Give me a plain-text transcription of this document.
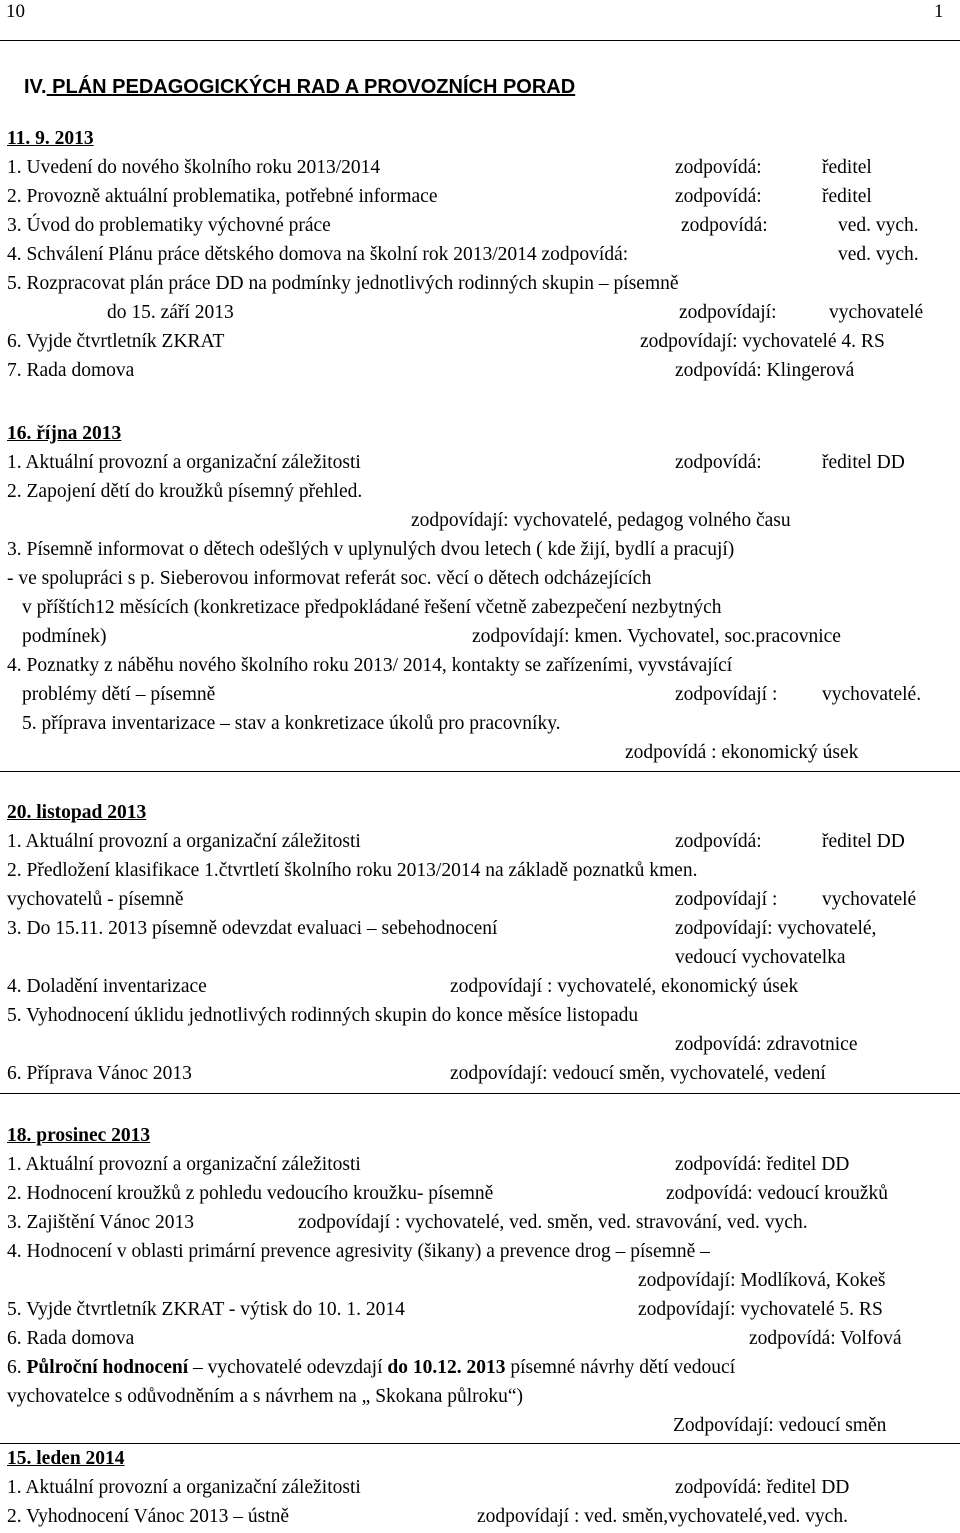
10	1
IV. PLÁN PEDAGOGICKÝCH RAD A PROVOZNÍCH PORAD
11. 9. 2013
1. Uvedení do nového školního roku 2013/2014	zodpovídá:	ředitel
2. Provozně aktuální problematika, potřebné informace	zodpovídá:	ředitel
3. Úvod do problematiky výchovné práce	zodpovídá:	ved. vych.
4. Schválení Plánu práce dětského domova na školní rok 2013/2014 zodpovídá:	ved. vych.
5. Rozpracovat plán práce DD na podmínky jednotlivých rodinných skupin – písemně
do 15. září 2013	zodpovídají:	vychovatelé
6. Vyjde čtvrtletník ZKRAT	zodpovídají: vychovatelé 4. RS
7. Rada domova	zodpovídá: Klingerová
16. října 2013
1. Aktuální provozní a organizační záležitosti	zodpovídá:	ředitel DD
2. Zapojení dětí do kroužků písemný přehled.
zodpovídají: vychovatelé, pedagog volného času
3. Písemně informovat o dětech odešlých v uplynulých dvou letech ( kde žijí, bydlí a pracují)
- ve spolupráci s p. Sieberovou informovat referát soc. věcí o dětech odcházejících
v příštích12 měsících (konkretizace předpokládané řešení včetně zabezpečení nezbytných
podmínek)	zodpovídají: kmen. Vychovatel, soc.pracovnice
4. Poznatky z náběhu nového školního roku 2013/ 2014, kontakty se zařízeními, vyvstávající
problémy dětí – písemně	zodpovídají : vychovatelé.
5. příprava inventarizace – stav a konkretizace úkolů pro pracovníky.
zodpovídá : ekonomický úsek
20. listopad 2013
1. Aktuální provozní a organizační záležitosti	zodpovídá:	ředitel DD
2. Předložení klasifikace 1.čtvrtletí školního roku 2013/2014 na základě poznatků kmen.
vychovatelů - písemně	zodpovídají : vychovatelé
3. Do 15.11. 2013 písemně odevzdat evaluaci – sebehodnocení	zodpovídají: vychovatelé,
vedoucí vychovatelka
4. Doladění inventarizace	zodpovídají : vychovatelé, ekonomický úsek
5. Vyhodnocení úklidu jednotlivých rodinných skupin do konce měsíce listopadu
zodpovídá: zdravotnice
6. Příprava Vánoc 2013	zodpovídají: vedoucí směn, vychovatelé, vedení
18. prosinec 2013
1. Aktuální provozní a organizační záležitosti	zodpovídá: ředitel DD
2. Hodnocení kroužků z pohledu vedoucího kroužku- písemně	zodpovídá: vedoucí kroužků
3. Zajištění Vánoc 2013	zodpovídají : vychovatelé, ved. směn, ved. stravování, ved. vych.
4. Hodnocení v oblasti primární prevence agresivity (šikany) a prevence drog – písemně –
zodpovídají: Modlíková, Kokeš
5. Vyjde čtvrtletník ZKRAT - výtisk do 10. 1. 2014	zodpovídají: vychovatelé 5. RS
6. Rada domova	zodpovídá: Volfová
6. Půlroční hodnocení – vychovatelé odevzdají do 10.12. 2013 písemné návrhy dětí vedoucí
vychovatelce s odůvodněním a s návrhem na „ Skokana půlroku“)
Zodpovídají: vedoucí směn
15. leden 2014
1. Aktuální provozní a organizační záležitosti	zodpovídá: ředitel DD
2. Vyhodnocení Vánoc 2013 – ústně	zodpovídají : ved. směn,vychovatelé,ved. vych.
